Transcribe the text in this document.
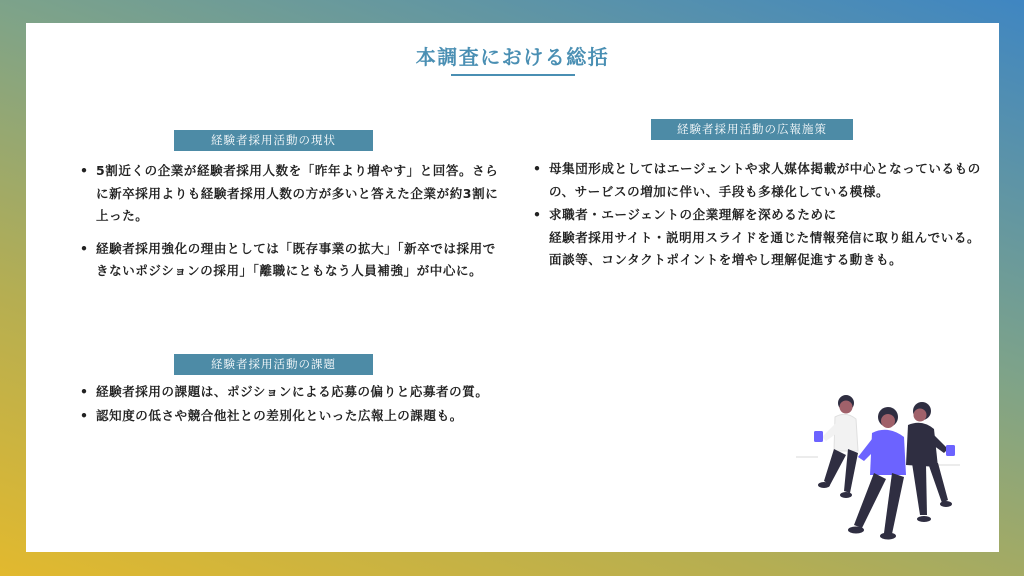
本調査における総括
経験者採用活動の現状
• 5割近くの企業が経験者採用人数を「昨年より増やす」と回答。さらに新卒採用よりも経験者採用人数の方が多いと答えた企業が約3割に上った。
• 経験者採用強化の理由としては「既存事業の拡大」「新卒では採用できないポジションの採用」「離職にともなう人員補強」が中心に。
経験者採用活動の課題
• 経験者採用の課題は、ポジションによる応募の偏りと応募者の質。
• 認知度の低さや競合他社との差別化といった広報上の課題も。
経験者採用活動の広報施策
• 母集団形成としてはエージェントや求人媒体掲載が中心となっているものの、サービスの増加に伴い、手段も多様化している模様。
• 求職者・エージェントの企業理解を深めるために
経験者採用サイト・説明用スライドを通じた情報発信に取り組んでいる。面談等、コンタクトポイントを増やし理解促進する動きも。
